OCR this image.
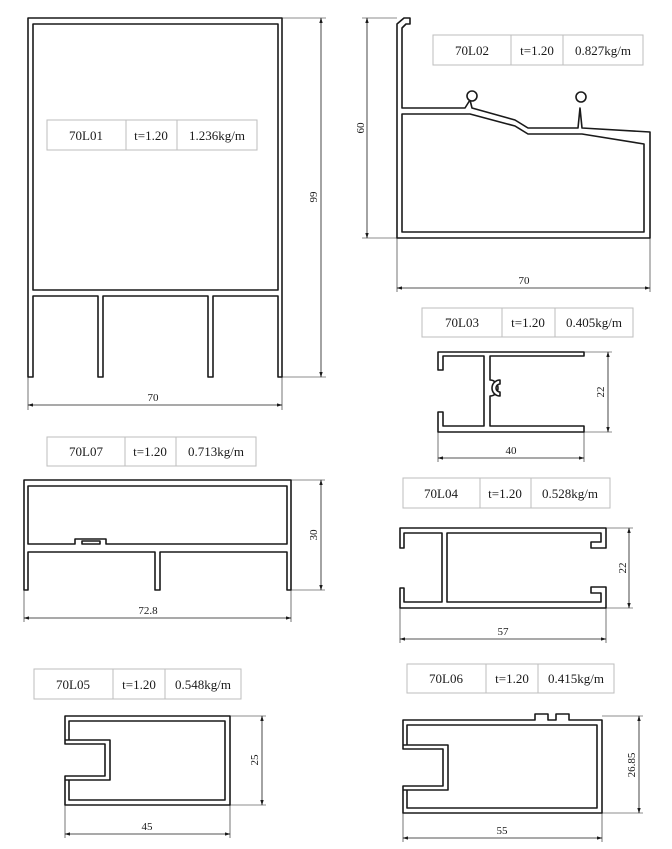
99
70
70L01 t=1.20 1.236kg/m	60
70
70L02 t=1.20 0.827kg/m
22
40
70L03 t=1.20 0.405kg/m
30
72.8
70L07 t=1.20 0.713kg/m
22
57
70L04 t=1.20 0.528kg/m
25
45
70L05 t=1.20 0.548kg/m
26.85
55
70L06 t=1.20 0.415kg/m
